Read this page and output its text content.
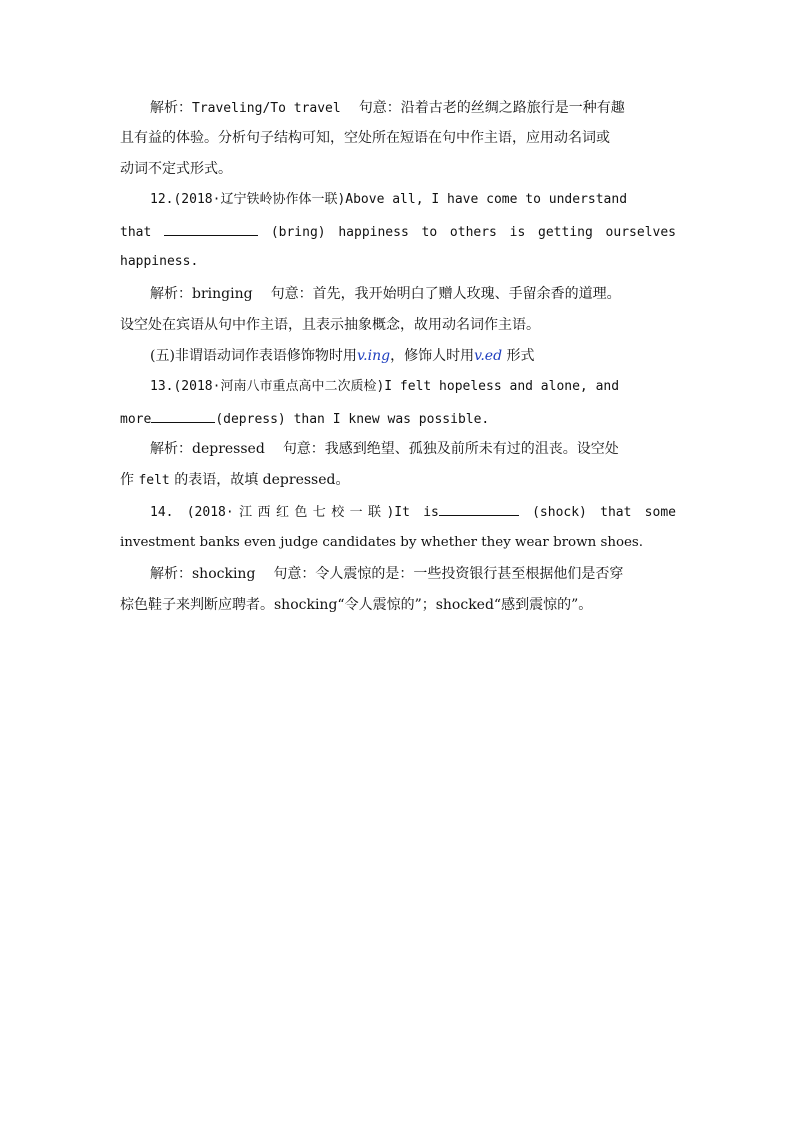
解析：Traveling/To travel 句意：沿着古老的丝绸之路旅行是一种有趣
且有益的体验。分析句子结构可知，空处所在短语在句中作主语，应用动名词或
动词不定式形式。
12.(2018·辽宁铁岭协作体一联)Above all, I have come to understand
that	(bring) happiness to others is getting ourselves
happiness.
解析：bringing 句意：首先，我开始明白了赠人玫瑰、手留余香的道理。
设空处在宾语从句中作主语，且表示抽象概念，故用动名词作主语。
(五)非谓语动词作表语修饰物时用v.ing，修饰人时用v.ed 形式
13.(2018·河南八市重点高中二次质检)I felt hopeless and alone, and
more	(depress) than I knew was possible.
解析：depressed 句意：我感到绝望、孤独及前所未有过的沮丧。设空处
作 felt 的表语，故填 depressed。
14. (2018·江西红色七校一联)It is	(shock) that some
investment banks even judge candidates by whether they wear brown shoes.
解析：shocking 句意：令人震惊的是：一些投资银行甚至根据他们是否穿
棕色鞋子来判断应聘者。shocking“令人震惊的”；shocked“感到震惊的”。
